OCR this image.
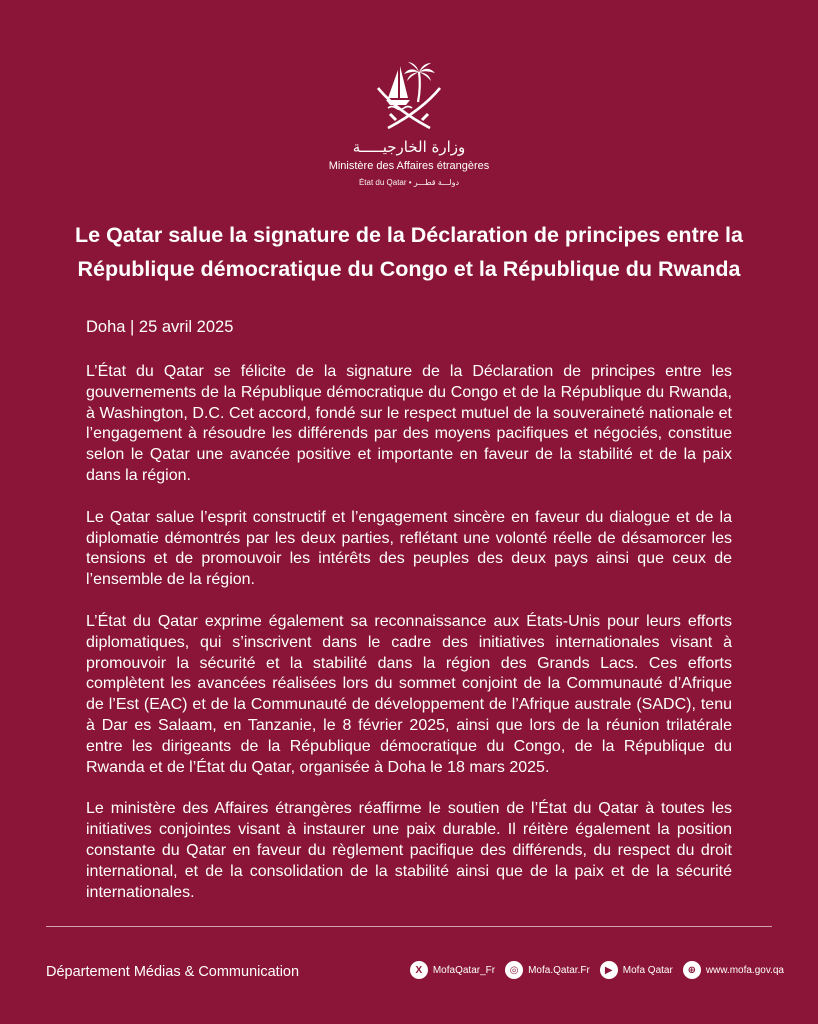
وزارة الخارجيـــــة
Ministère des Affaires étrangères
État du Qatar • دولـــة قطـــر
Le Qatar salue la signature de la Déclaration de principes entre la République démocratique du Congo et la République du Rwanda
Doha | 25 avril 2025

L’État du Qatar se félicite de la signature de la Déclaration de principes entre les gouvernements de la République démocratique du Congo et de la République du Rwanda, à Washington, D.C. Cet accord, fondé sur le respect mutuel de la souveraineté nationale et l’engagement à résoudre les différends par des moyens pacifiques et négociés, constitue selon le Qatar une avancée positive et importante en faveur de la stabilité et de la paix dans la région.

Le Qatar salue l’esprit constructif et l’engagement sincère en faveur du dialogue et de la diplomatie démontrés par les deux parties, reflétant une volonté réelle de désamorcer les tensions et de promouvoir les intérêts des peuples des deux pays ainsi que ceux de l’ensemble de la région.

L’État du Qatar exprime également sa reconnaissance aux États-Unis pour leurs efforts diplomatiques, qui s’inscrivent dans le cadre des initiatives internationales visant à promouvoir la sécurité et la stabilité dans la région des Grands Lacs. Ces efforts complètent les avancées réalisées lors du sommet conjoint de la Communauté d’Afrique de l’Est (EAC) et de la Communauté de développement de l’Afrique australe (SADC), tenu à Dar es Salaam, en Tanzanie, le 8 février 2025, ainsi que lors de la réunion trilatérale entre les dirigeants de la République démocratique du Congo, de la République du Rwanda et de l’État du Qatar, organisée à Doha le 18 mars 2025.

Le ministère des Affaires étrangères réaffirme le soutien de l’État du Qatar à toutes les initiatives conjointes visant à instaurer une paix durable. Il réitère également la position constante du Qatar en faveur du règlement pacifique des différends, du respect du droit international, et de la consolidation de la stabilité ainsi que de la paix et de la sécurité internationales.

Département Médias & Communication	X	MofaQatar_Fr	◎ Mofa.Qatar.Fr	▶	Mofa Qatar	⊕ www.mofa.gov.qa
